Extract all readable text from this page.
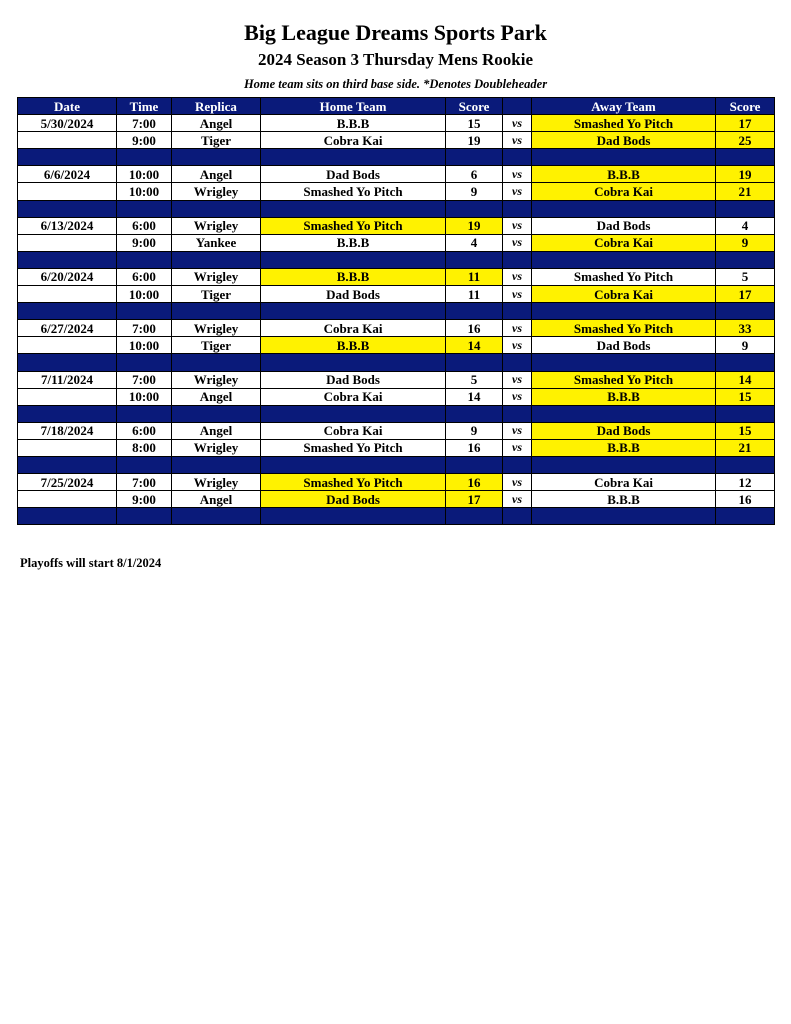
Big League Dreams Sports Park
2024 Season 3 Thursday Mens Rookie
Home team sits on third base side. *Denotes Doubleheader
Date	Time	Replica	Home Team	Score		Away Team	Score
5/30/2024	7:00	Angel	B.B.B	15	vs	Smashed Yo Pitch	17
	9:00	Tiger	Cobra Kai	19	vs	Dad Bods	25

6/6/2024	10:00	Angel	Dad Bods	6	vs	B.B.B	19
	10:00	Wrigley	Smashed Yo Pitch	9	vs	Cobra Kai	21

6/13/2024	6:00	Wrigley	Smashed Yo Pitch	19	vs	Dad Bods	4
	9:00	Yankee	B.B.B	4	vs	Cobra Kai	9

6/20/2024	6:00	Wrigley	B.B.B	11	vs	Smashed Yo Pitch	5
	10:00	Tiger	Dad Bods	11	vs	Cobra Kai	17

6/27/2024	7:00	Wrigley	Cobra Kai	16	vs	Smashed Yo Pitch	33
	10:00	Tiger	B.B.B	14	vs	Dad Bods	9

7/11/2024	7:00	Wrigley	Dad Bods	5	vs	Smashed Yo Pitch	14
	10:00	Angel	Cobra Kai	14	vs	B.B.B	15

7/18/2024	6:00	Angel	Cobra Kai	9	vs	Dad Bods	15
	8:00	Wrigley	Smashed Yo Pitch	16	vs	B.B.B	21

7/25/2024	7:00	Wrigley	Smashed Yo Pitch	16	vs	Cobra Kai	12
	9:00	Angel	Dad Bods	17	vs	B.B.B	16

Playoffs will start 8/1/2024
